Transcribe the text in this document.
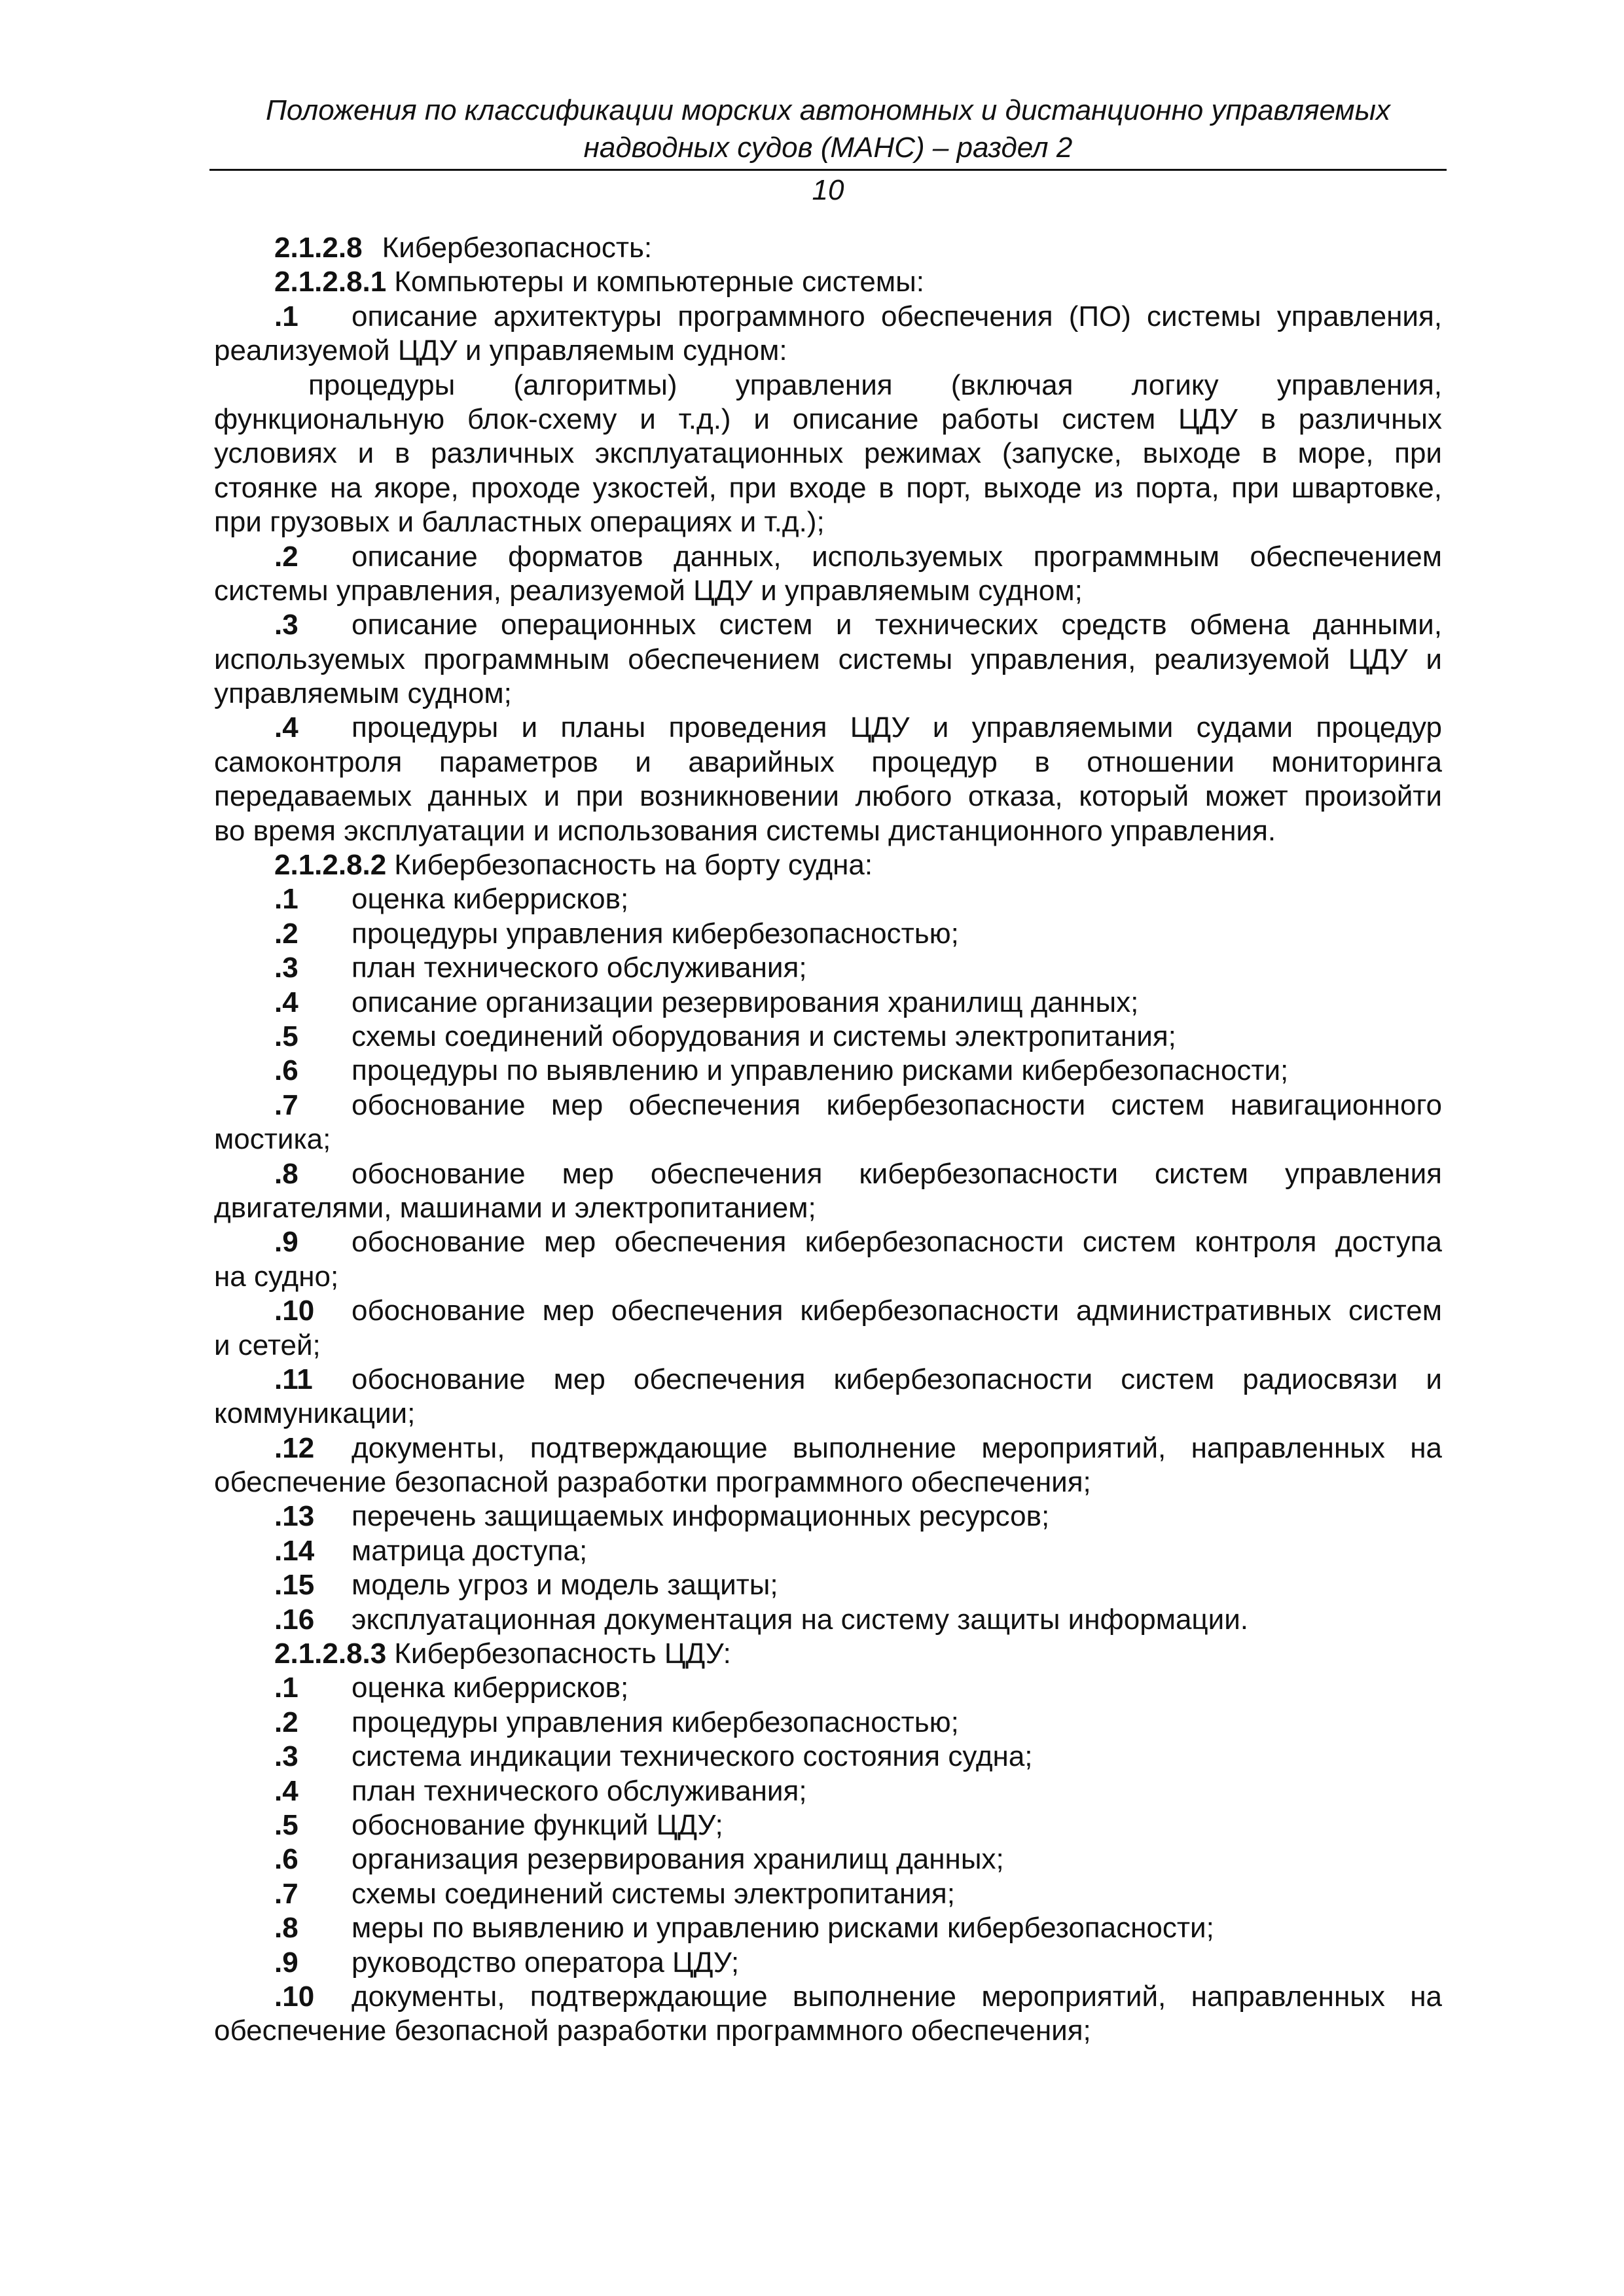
Положения по классификации морских автономных и дистанционно управляемых
надводных судов (МАНС) – раздел 2
10
2.1.2.8 Кибербезопасность:
2.1.2.8.1 Компьютеры и компьютерные системы:
.1 описание архитектуры программного обеспечения (ПО) системы управления,
реализуемой ЦДУ и управляемым судном:
процедуры (алгоритмы) управления (включая логику управления,
функциональную блок-схему и т.д.) и описание работы систем ЦДУ в различных
условиях и в различных эксплуатационных режимах (запуске, выходе в море, при
стоянке на якоре, проходе узкостей, при входе в порт, выходе из порта, при швартовке,
при грузовых и балластных операциях и т.д.);
.2 описание форматов данных, используемых программным обеспечением
системы управления, реализуемой ЦДУ и управляемым судном;
.3 описание операционных систем и технических средств обмена данными,
используемых программным обеспечением системы управления, реализуемой ЦДУ и
управляемым судном;
.4 процедуры и планы проведения ЦДУ и управляемыми судами процедур
самоконтроля параметров и аварийных процедур в отношении мониторинга
передаваемых данных и при возникновении любого отказа, который может произойти
во время эксплуатации и использования системы дистанционного управления.
2.1.2.8.2 Кибербезопасность на борту судна:
.1 оценка киберрисков;
.2 процедуры управления кибербезопасностью;
.3 план технического обслуживания;
.4 описание организации резервирования хранилищ данных;
.5 схемы соединений оборудования и системы электропитания;
.6 процедуры по выявлению и управлению рисками кибербезопасности;
.7 обоснование мер обеспечения кибербезопасности систем навигационного
мостика;
.8 обоснование мер обеспечения кибербезопасности систем управления
двигателями, машинами и электропитанием;
.9 обоснование мер обеспечения кибербезопасности систем контроля доступа
на судно;
.10 обоснование мер обеспечения кибербезопасности административных систем
и сетей;
.11 обоснование мер обеспечения кибербезопасности систем радиосвязи и
коммуникации;
.12 документы, подтверждающие выполнение мероприятий, направленных на
обеспечение безопасной разработки программного обеспечения;
.13 перечень защищаемых информационных ресурсов;
.14 матрица доступа;
.15 модель угроз и модель защиты;
.16 эксплуатационная документация на систему защиты информации.
2.1.2.8.3 Кибербезопасность ЦДУ:
.1 оценка киберрисков;
.2 процедуры управления кибербезопасностью;
.3 система индикации технического состояния судна;
.4 план технического обслуживания;
.5 обоснование функций ЦДУ;
.6 организация резервирования хранилищ данных;
.7 схемы соединений системы электропитания;
.8 меры по выявлению и управлению рисками кибербезопасности;
.9 руководство оператора ЦДУ;
.10 документы, подтверждающие выполнение мероприятий, направленных на
обеспечение безопасной разработки программного обеспечения;
